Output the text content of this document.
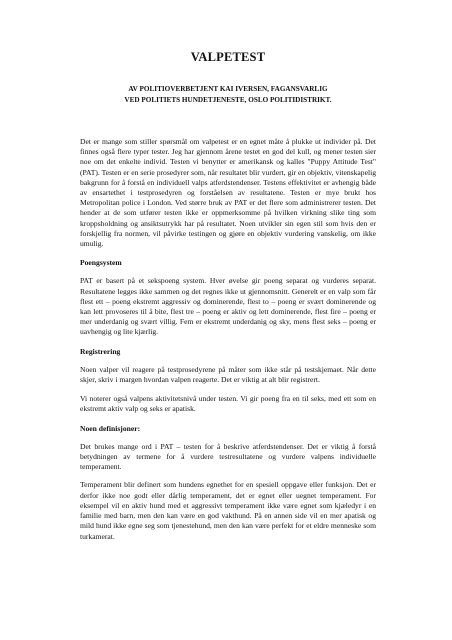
VALPETEST
AV POLITIOVERBETJENT KAI IVERSEN, FAGANSVARLIG
VED POLITIETS HUNDETJENESTE, OSLO POLITIDISTRIKT.

Det er mange som stiller spørsmål om valpetest er en egnet måte å plukke ut individer på. Det finnes også flere typer tester. Jeg har gjennom årene testet en god del kull, og mener testen sier noe om det enkelte individ. Testen vi benytter er amerikansk og kalles "Puppy Attitude Test" (PAT). Testen er en serie prosedyrer som, når resultatet blir vurdert, gir en objektiv, vitenskapelig bakgrunn for å forstå en individuell valps atferdstendenser. Testens effektivitet er avhengig både av ensartethet i testprosedyren og forståelsen av resultatene. Testen er mye brukt hos Metropolitan police i London. Ved større bruk av PAT er det flere som administrerer testen. Det hender at de som utfører testen ikke er oppmerksomme på hvilken virkning slike ting som kroppsholdning og ansiktsutrykk har på resultatet. Noen utvikler sin egen stil som hvis den er forskjellig fra normen, vil påvirke testingen og gjøre en objektiv vurdering vanskelig, om ikke umulig.

Poengsystem

PAT er basert på et sekspoeng system. Hver øvelse gir poeng separat og vurderes separat. Resultatene legges ikke sammen og det regnes ikke ut gjennomsnitt. Generelt er en valp som får flest ett – poeng ekstremt aggressiv og dominerende, flest to – poeng er svært dominerende og kan lett provoseres til å bite, flest tre – poeng er aktiv og lett dominerende, flest fire – poeng er mer underdanig og svært villig. Fem er ekstremt underdanig og sky, mens flest seks – poeng er uavhengig og lite kjærlig.

Registrering

Noen valper vil reagere på testprosedyrene på måter som ikke står på testskjemaet. Når dette skjer, skriv i margen hvordan valpen reagerte. Det er viktig at alt blir registrert.

Vi noterer også valpens aktivitetsnivå under testen. Vi gir poeng fra en til seks, med ett som en ekstremt aktiv valp og seks er apatisk.

Noen definisjoner:

Det brukes mange ord i PAT – testen for å beskrive atferdstendenser. Det er viktig å forstå betydningen av termene for å vurdere testresultatene og vurdere valpens individuelle temperament.

Temperament blir definert som hundens egnethet for en spesiell oppgave eller funksjon. Det er derfor ikke noe godt eller dårlig temperament, det er egnet eller uegnet temperament. For eksempel vil en aktiv hund med et aggressivt temperament ikke være egnet som kjæledyr i en familie med barn, men den kan være en god vakthund. På en annen side vil en mer apatisk og mild hund ikke egne seg som tjenestehund, men den kan være perfekt for et eldre menneske som turkamerat.
